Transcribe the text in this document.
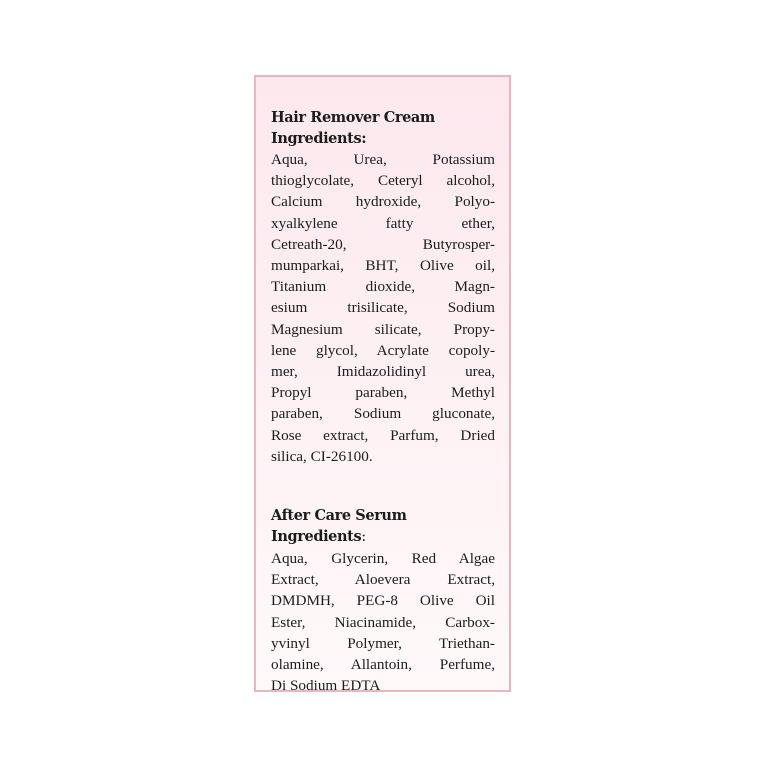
Hair Remover Cream

Ingredients:

Aqua, Urea, Potassium
thioglycolate, Ceteryl alcohol,
Calcium hydroxide, Polyo-
xyalkylene fatty ether,
Cetreath-20, Butyrosper-
mumparkai, BHT, Olive oil,
Titanium dioxide, Magn-
esium trisilicate, Sodium
Magnesium silicate, Propy-
lene glycol, Acrylate copoly-
mer, Imidazolidinyl urea,
Propyl paraben, Methyl
paraben, Sodium gluconate,
Rose extract, Parfum, Dried
silica, CI-26100.

After Care Serum

Ingredients:

Aqua, Glycerin, Red Algae
Extract, Aloevera Extract,
DMDMH, PEG-8 Olive Oil
Ester, Niacinamide, Carbox-
yvinyl Polymer, Triethan-
olamine, Allantoin, Perfume,
Di Sodium EDTA
